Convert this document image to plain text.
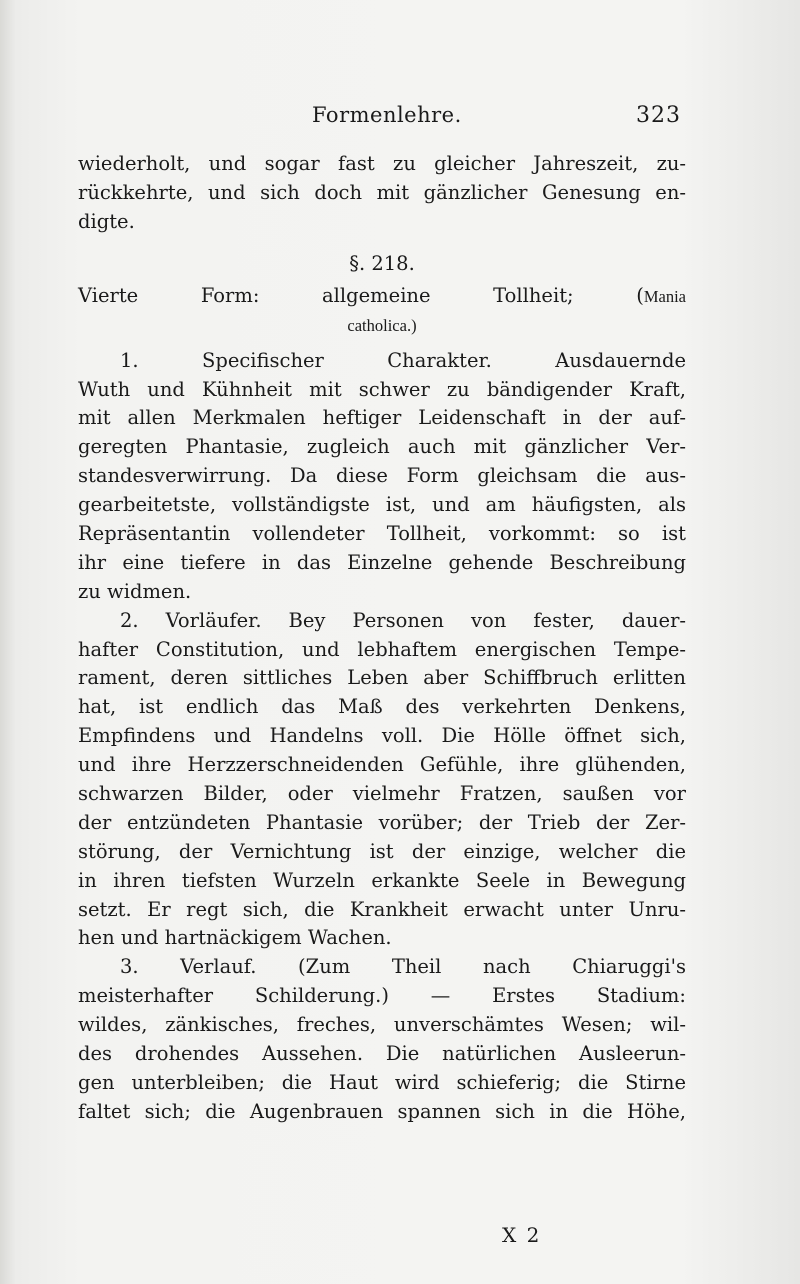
Formenlehre.	323
wiederholt, und sogar fast zu gleicher Jahreszeit, zu-
rückkehrte, und sich doch mit gänzlicher Genesung en-
digte.
§. 218.
Vierte Form: allgemeine Tollheit; (Mania
catholica.)
1. Specifischer Charakter. Ausdauernde
Wuth und Kühnheit mit schwer zu bändigender Kraft,
mit allen Merkmalen heftiger Leidenschaft in der auf-
geregten Phantasie, zugleich auch mit gänzlicher Ver-
standesverwirrung. Da diese Form gleichsam die aus-
gearbeitetste, vollständigste ist, und am häufigsten, als
Repräsentantin vollendeter Tollheit, vorkommt: so ist
ihr eine tiefere in das Einzelne gehende Beschreibung
zu widmen.
2. Vorläufer. Bey Personen von fester, dauer-
hafter Constitution, und lebhaftem energischen Tempe-
rament, deren sittliches Leben aber Schiffbruch erlitten
hat, ist endlich das Maß des verkehrten Denkens,
Empfindens und Handelns voll. Die Hölle öffnet sich,
und ihre Herzzerschneidenden Gefühle, ihre glühenden,
schwarzen Bilder, oder vielmehr Fratzen, saußen vor
der entzündeten Phantasie vorüber; der Trieb der Zer-
störung, der Vernichtung ist der einzige, welcher die
in ihren tiefsten Wurzeln erkankte Seele in Bewegung
setzt. Er regt sich, die Krankheit erwacht unter Unru-
hen und hartnäckigem Wachen.
3. Verlauf. (Zum Theil nach Chiaruggi's
meisterhafter Schilderung.) — Erstes Stadium:
wildes, zänkisches, freches, unverschämtes Wesen; wil-
des drohendes Aussehen. Die natürlichen Ausleerun-
gen unterbleiben; die Haut wird schieferig; die Stirne
faltet sich; die Augenbrauen spannen sich in die Höhe,
X 2
